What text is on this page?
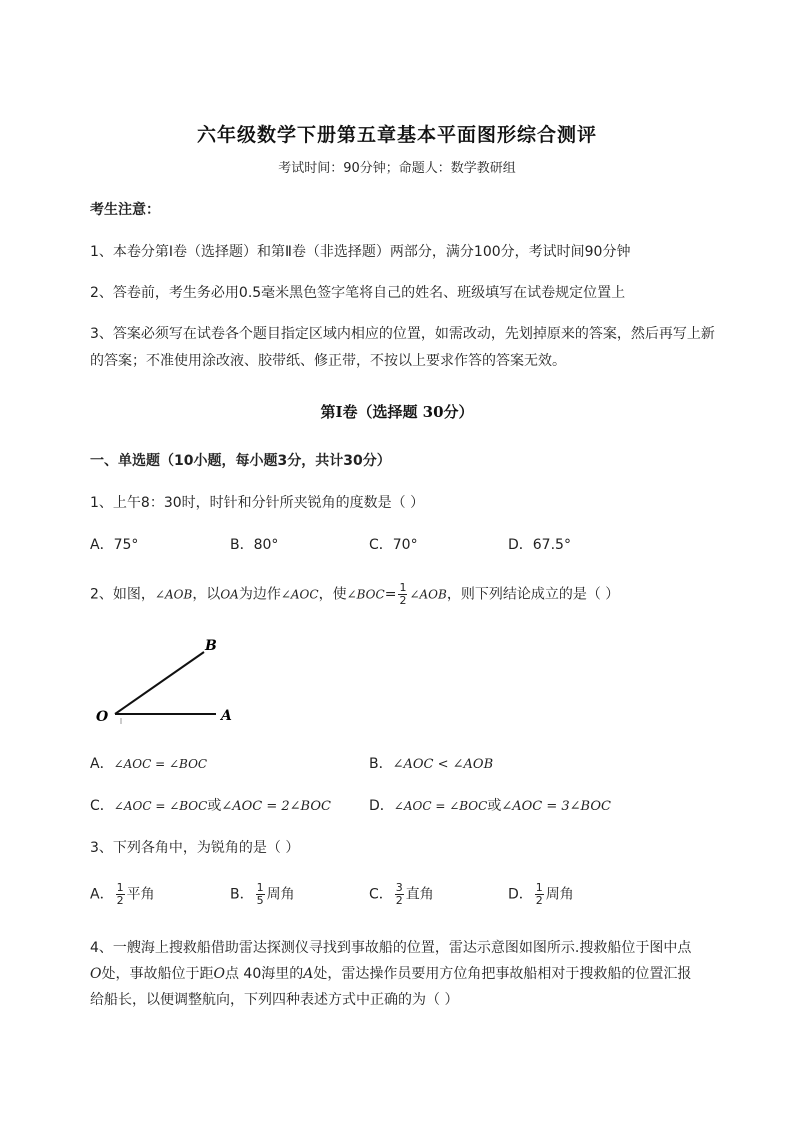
六年级数学下册第五章基本平面图形综合测评
考试时间：90分钟；命题人：数学教研组
考生注意：
1、本卷分第I卷（选择题）和第Ⅱ卷（非选择题）两部分，满分100分，考试时间90分钟
2、答卷前，考生务必用0.5毫米黑色签字笔将自己的姓名、班级填写在试卷规定位置上
3、答案必须写在试卷各个题目指定区域内相应的位置，如需改动，先划掉原来的答案，然后再写上新
的答案；不准使用涂改液、胶带纸、修正带，不按以上要求作答的答案无效。
第I卷（选择题 30分）
一、单选题（10小题，每小题3分，共计30分）
1、上午8：30时，时针和分针所夹锐角的度数是（ ）
A．75°	B．80°	C．70°	D．67.5°
2、如图，∠AOB，以OA为边作∠AOC，使∠BOC= $\frac{1}{2}$ ∠AOB，则下列结论成立的是（ ）
B
O	A
A．∠AOC = ∠BOC	B．∠AOC < ∠AOB
C．∠AOC = ∠BOC或∠AOC = 2∠BOC	D．∠AOC = ∠BOC或∠AOC = 3∠BOC
3、下列各角中，为锐角的是（ ）
A． $\frac{1}{2}$ 平角	B． $\frac{1}{5}$ 周角	C． $\frac{3}{2}$ 直角	D． $\frac{1}{2}$ 周角
4、一艘海上搜救船借助雷达探测仪寻找到事故船的位置，雷达示意图如图所示.搜救船位于图中点
O处，事故船位于距O点 40海里的A处，雷达操作员要用方位角把事故船相对于搜救船的位置汇报
给船长，以便调整航向，下列四种表述方式中正确的为（ ）
